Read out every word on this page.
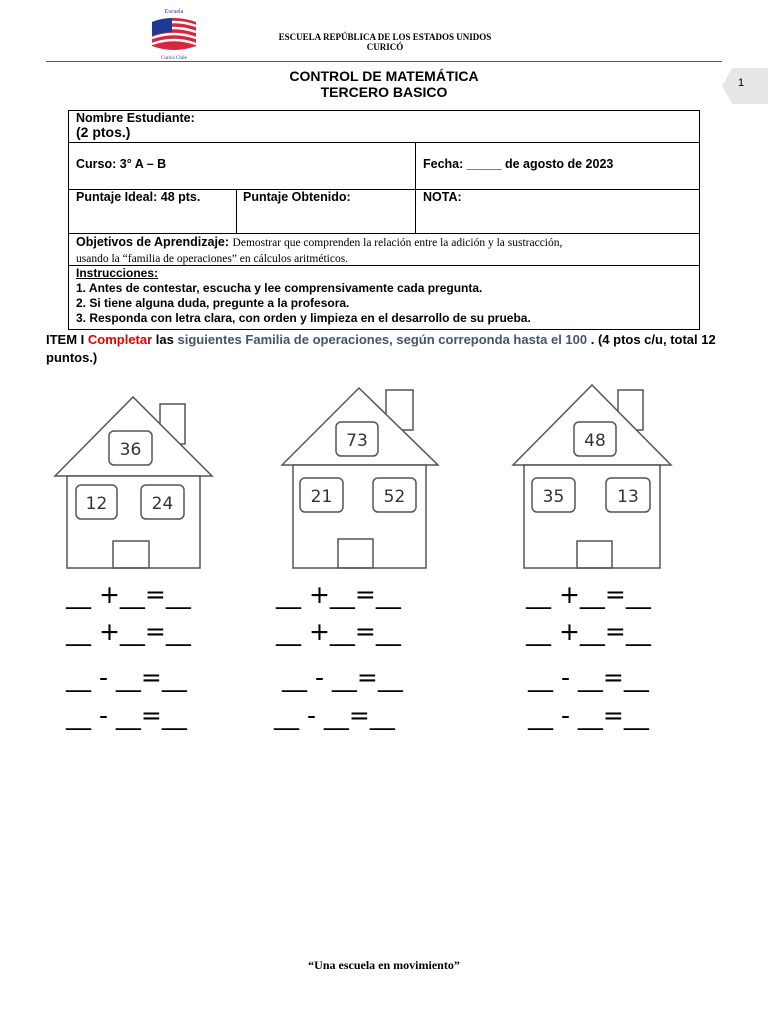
Escuela
Curicó Chile
ESCUELA REPÚBLICA DE LOS ESTADOS UNIDOS
CURICÓ
1
CONTROL DE MATEMÁTICA
TERCERO BASICO
Nombre Estudiante:
(2 ptos.)
Curso: 3° A – B	Fecha: _____ de agosto de 2023
Puntaje Ideal: 48 pts.	Puntaje Obtenido:	NOTA:
Objetivos de Aprendizaje: Demostrar que comprenden la relación entre la adición y la sustracción,
usando la “familia de operaciones” en cálculos aritméticos.
Instrucciones:
1. Antes de contestar, escucha y lee comprensivamente cada pregunta.
2. Si tiene alguna duda, pregunte a la profesora.
3. Responda con letra clara, con orden y limpieza en el desarrollo de su prueba.
ITEM I Completar las siguientes Familia de operaciones, según correponda hasta el 100 . (4 ptos c/u, total 12 puntos.)
36
12	24
73
21	52
48
35	13
__ +__=__	__ +__=__	__ +__=__
__ +__=__	__ +__=__	__ +__=__
__ - __=__	__ - __=__	__ - __=__
__ - __=__	__ - __=__	__ - __=__
“Una escuela en movimiento”
